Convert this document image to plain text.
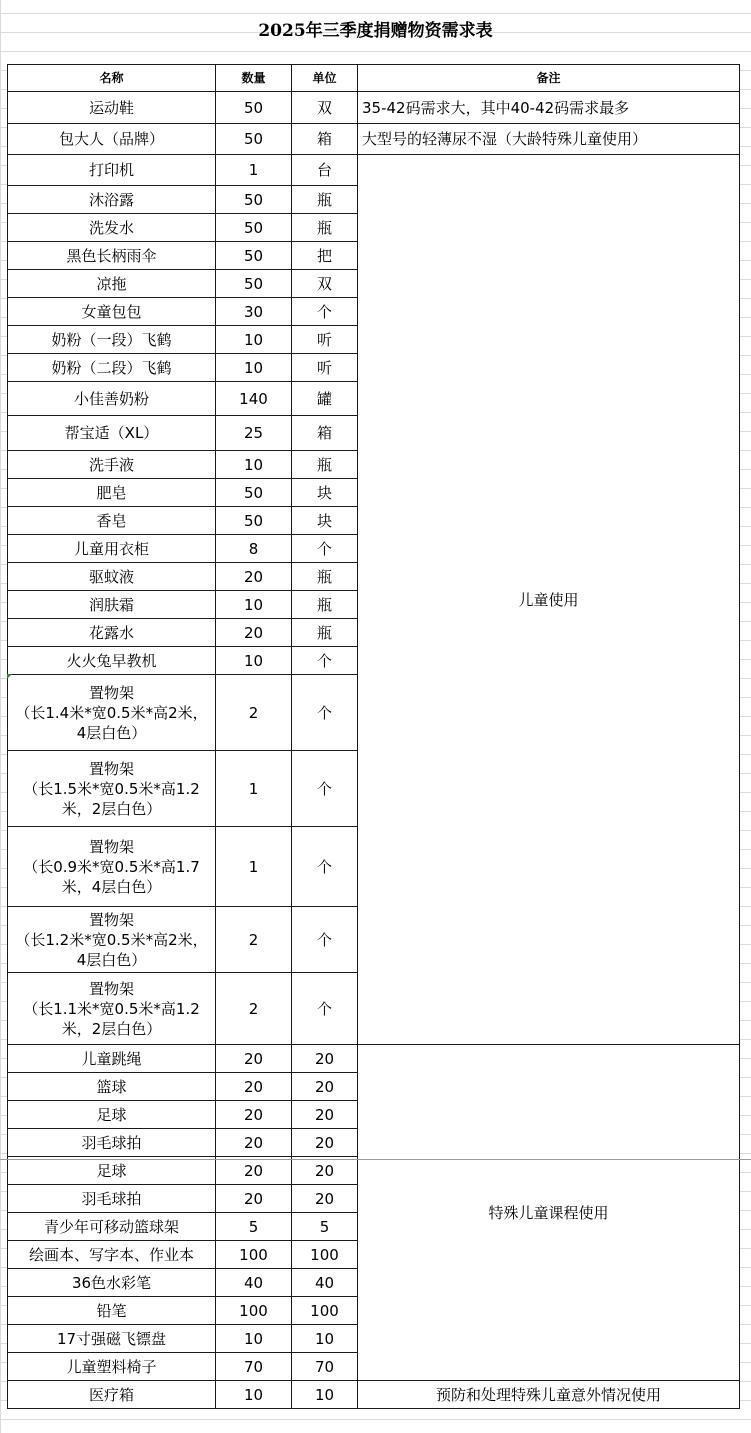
2025年三季度捐赠物资需求表
名称	数量	单位	备注
运动鞋	50	双	35-42码需求大，其中40-42码需求最多
包大人（品牌）	50	箱	大型号的轻薄尿不湿（大龄特殊儿童使用）
打印机	1	台	儿童使用
沐浴露	50	瓶	
洗发水	50	瓶	
黑色长柄雨伞	50	把	
凉拖	50	双	
女童包包	30	个	
奶粉（一段）飞鹤	10	听	
奶粉（二段）飞鹤	10	听	
小佳善奶粉	140	罐	
帮宝适（XL）	25	箱	
洗手液	10	瓶	
肥皂	50	块	
香皂	50	块	
儿童用衣柜	8	个	
驱蚊液	20	瓶	
润肤霜	10	瓶	
花露水	20	瓶	
火火兔早教机	10	个	
置物架
（长1.4米*宽0.5米*高2米，4层白色）	2	个	
置物架
（长1.5米*宽0.5米*高1.2米，2层白色）	1	个	
置物架
（长0.9米*宽0.5米*高1.7米，4层白色）	1	个	
置物架
（长1.2米*宽0.5米*高2米，4层白色）	2	个	
置物架
（长1.1米*宽0.5米*高1.2米，2层白色）	2	个	
儿童跳绳	20	20	特殊儿童课程使用
篮球	20	20	
足球	20	20	
羽毛球拍	20	20	
足球	20	20	
羽毛球拍	20	20	
青少年可移动篮球架	5	5	
绘画本、写字本、作业本	100	100	
36色水彩笔	40	40	
铅笔	100	100	
17寸强磁飞镖盘	10	10	
儿童塑料椅子	70	70	
医疗箱	10	10	预防和处理特殊儿童意外情况使用
